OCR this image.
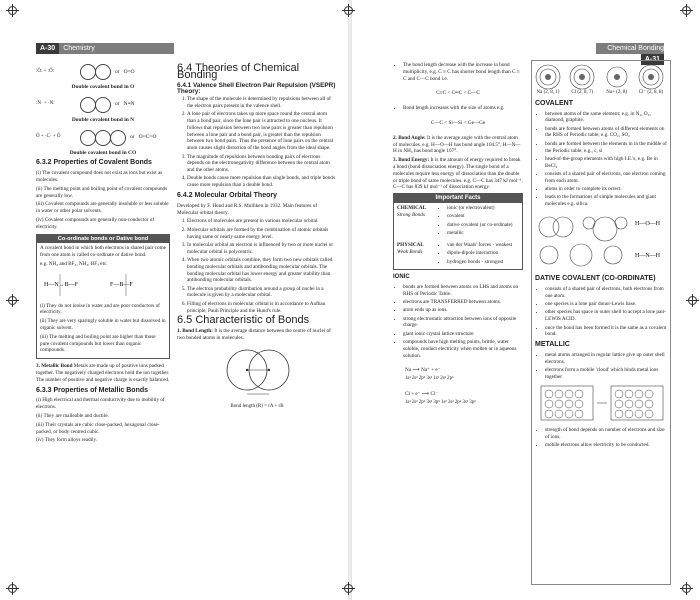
A-30 Chemistry	Chemical BondingA-31
:Ö: + :Ö:	or O=O
Double covalent bond in O
:N· + ·N:	or N≡N
Double covalent bond in N
Ö + ·C· + Ö	or O=C=O
Double covalent bond in CO
6.3.2 Properties of Covalent Bonds

(i) The covalent compound does not exist as ions but exist as molecules.

(ii) The melting point and boiling point of covalent compounds are generally low.

(iii) Covalent compounds are generally insoluble or less soluble in water or other polar solvents.

(iv) Covalent compounds are generally non-conductor of electricity.

Co-ordinate bonds or Dative bond

A covalent bond in which both electrons in shared pair come from one atom is called co-ordinate or dative bond.

e.g. NH₃ and BF₃, NH₃, BF₃ etc.

H—N→B—F	F—B—F

(i) They do not ionise in water and are poor conductors of electricity.

(ii) They are very sparingly soluble in water but dissolved in organic solvent.

(iii) The melting and boiling point are higher than those pure covalent compounds but lower than organic compounds.

3. Metallic Bond Metals are made up of positive ions packed together. The negatively charged electrons hold the ion together. The number of positive and negative charge is exactly balanced.

6.3.3 Properties of Metallic Bonds

(i) High electrical and thermal conductivity due to mobility of electrons.

(ii) They are malleable and ductile.

(iii) Their crystals are cubic close-packed, hexagonal close-packed, or body centred cubic.

(iv) They form alloys readily.

6.4 Theories of Chemical Bonding
6.4.1 Valence Shell Electron Pair Repulsion (VSEPR) Theory:
1. The shape of the molecule is determined by repulsions between all of the electron pairs present in the valence shell.
2. A lone pair of electrons takes up more space round the central atom than a bond pair, since the lone pair is attracted to one nucleus. It follows that repulsion between two lone pairs is greater than repulsion between a lone pair and a bond pair, is greater than the repulsion between two bond pairs. Thus the presence of lone pairs on the central atom causes slight distortion of the bond angles from the ideal shape.
3. The magnitude of repulsions between bonding pairs of electrons depends on the electronegativity difference between the central atom and the other atoms.
4. Double bonds cause more repulsion than single bonds, and triple bonds cause more repulsion than a double bond.
6.4.2 Molecular Orbital Theory

Developed by F. Hund and R.S. Mulliken in 1932. Main features of Molecular orbital theory.

1. Electrons of molecules are present in various molecular orbital.
2. Molecular orbitals are formed by the combination of atomic orbitals having same or nearly same energy level.
3. In molecular orbital an electron is influenced by two or more nuclei or molecular orbital is polycentric.
4. When two atomic orbitals combine, they form two new orbitals called bonding molecular orbitals and antibonding molecular orbitals. The bonding molecular orbital has lower energy and greater stability than antibonding molecular orbitals.
5. The electron probability distribution around a group of nuclei in a molecule is given by a molecular orbital.
6. Filling of electrons in molecular orbital is in accordance to Aufbau principle, Pauli Principle and the Hund's rule.
6.5 Characteristic of Bonds

1. Bond Length: It is the average distance between the centre of nuclei of two bonded atoms in molecules.

Bond length (R) = rA + rB
• The bond length decrease with the increase in bond multiplicity, e.g. C ≡ C has shorter bond length than C ≡ C and C—C bond i.e.
C≡C < C═C < C—C
• Bond length increases with the size of atoms e.g.
C—C < Si—Si < Ge—Ge

2. Bond Angle: It is the average angle with the central atom of molecules. e.g. H—O—H has bond angle 104.5°, H—N—H in NH₃ has bond angle 107°.

3. Bond Energy: It is the amount of energy required to break a bond (bond dissociation energy). The single bond of a molecules require less energy of dissociation than the double or triple bond of same molecules. e.g. C—C has 347 kJ mol⁻¹, C—C has 839 kJ mol⁻¹ of dissociation energy.

Important Facts
CHEMICAL
Strong Bonds
• ionic (or electrovalent)
• covalent
• dative covalent (or co-ordinate)
• metallic
PHYSICAL
Weak Bonds
• van der Waals' forces - weakest
• dipole-dipole interaction
• hydrogen bonds - strongest
IONIC
• bonds are formed between atoms on LHS and atoms on RHS of Periodic Table.
• electrons are TRANSFERRED between atoms.
• atom ends up as ions.
• strong electrostatic attraction between ions of opposite charge.
• giant ionic crystal lattice structure
• compounds have high melting points, brittle, water soluble, conduct electricity when molten or in aqueous solution.
Na ⟶ Na⁺ + e⁻
1s² 2s² 2p⁶ 3s¹ 1s² 2s² 2p⁶
Cl + e⁻ ⟶ Cl⁻
1s² 2s² 2p⁶ 3s² 3p⁵ 1s² 2s² 2p⁶ 3s² 3p⁶
Na (2, 8, 1)	Cl (2, 8, 7)	Na+ (2, 8)	Cl⁻ (2, 8, 8)
COVALENT
• between atoms of the same element; e.g. in N₂, O₂, diamond, graphite.
• bonds are formed between atoms of different elements on the RHS of Periodic table; e.g. CO₂, SO₂
• bonds are formed between the elements in in the middle of the Periodic table; e.g., c, si
• head-of-the-group elements with high I.E.'s, e.g. Be in BeCl₂
• consists of a shared pair of electrons, one electron coming from each atom.
• atoms in order to complete its octect.
• leads to the formations of simple molecules and giant molecules e.g. silica.
H—O—H
H—N—H
DATIVE COVALENT (CO-ORDINATE)
• consists of a shared pair of electrons, both electrons from one atom.
• one species is a lone pair donor-Lewis base.
• other species has space in outer shell to accept a lone pair-LEWIS ACID.
• once the bond has been formed it is the same as a covalent bond.
METALLIC
• metal atoms arranged in regular lattice give up outer shell electrons.
• electrons form a mobile 'cloud' which binds metal ions together
• strength of bond depends on number of electrons and size of ions.
• mobile electrons allow electricity to be conducted.
